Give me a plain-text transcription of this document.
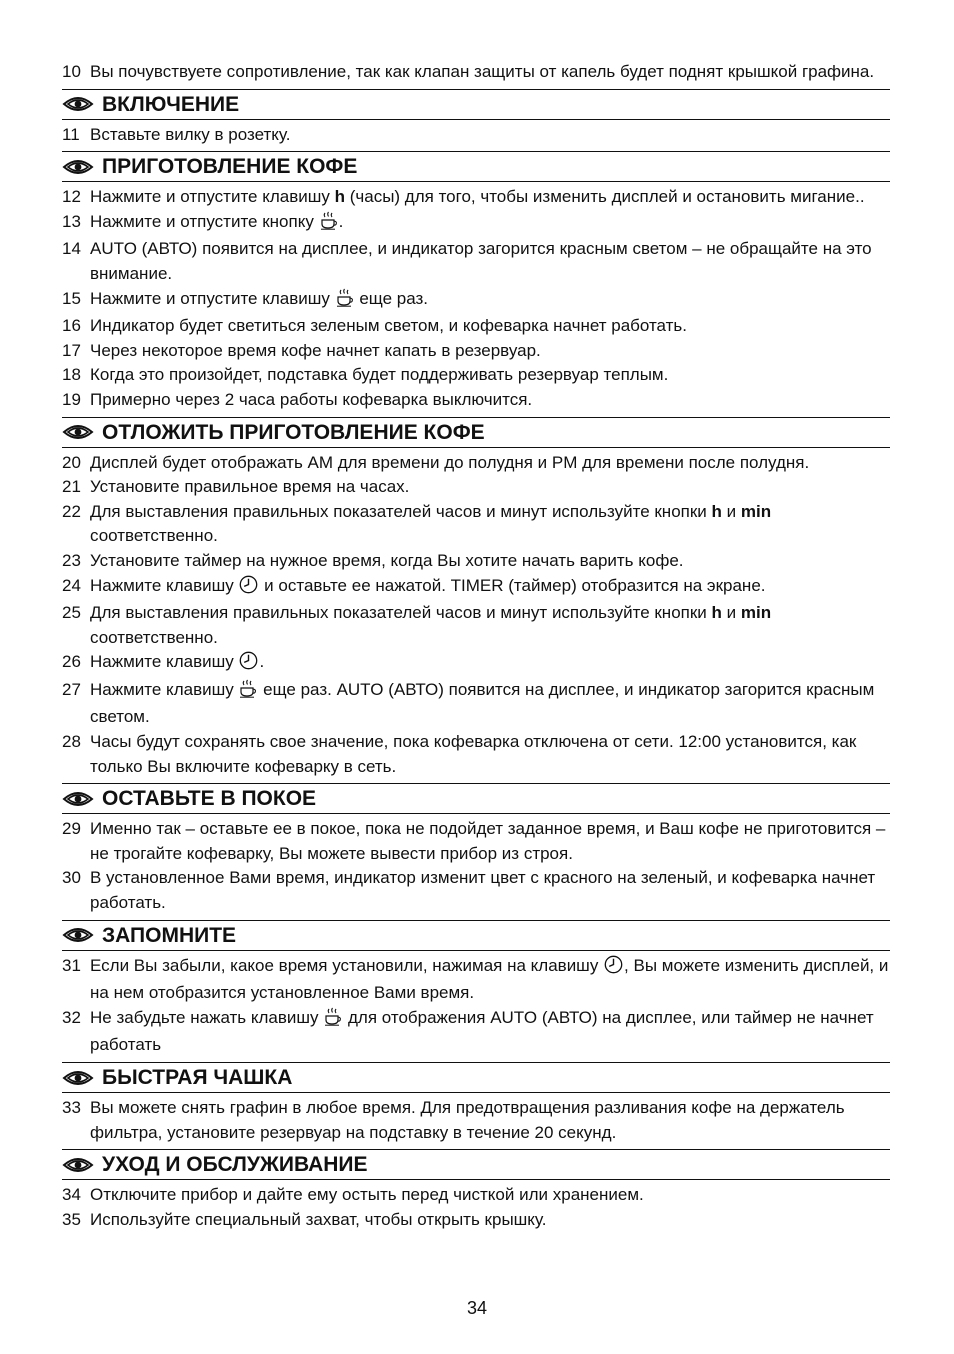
10 Вы почувствуете сопротивление, так как клапан защиты от капель будет поднят крышкой графина.
ВКЛЮЧЕНИЕ
11 Вставьте вилку в розетку.
ПРИГОТОВЛЕНИЕ КОФЕ
12 Нажмите и отпустите клавишу h (часы) для того, чтобы изменить дисплей и остановить мигание..
13 Нажмите и отпустите кнопку .
14 AUTO (АВТО) появится на дисплее, и индикатор загорится красным светом – не обращайте на это внимание.
15 Нажмите и отпустите клавишу  еще раз.
16 Индикатор будет светиться зеленым светом, и кофеварка начнет работать.
17 Через некоторое время кофе начнет капать в резервуар.
18 Когда это произойдет, подставка будет поддерживать резервуар теплым.
19 Примерно через 2 часа работы кофеварка выключится.
ОТЛОЖИТЬ ПРИГОТОВЛЕНИЕ КОФЕ
20 Дисплей будет отображать AM для времени до полудня и PM для времени после полудня.
21 Установите правильное время на часах.
22 Для выставления правильных показателей часов и минут используйте кнопки h и min соответственно.
23 Установите таймер на нужное время, когда Вы хотите начать варить кофе.
24 Нажмите клавишу  и оставьте ее нажатой. TIMER (таймер) отобразится на экране.
25 Для выставления правильных показателей часов и минут используйте кнопки h и min соответственно.
26 Нажмите клавишу .
27 Нажмите клавишу  еще раз. AUTO (АВТО) появится на дисплее, и индикатор загорится красным светом.
28 Часы будут сохранять свое значение, пока кофеварка отключена от сети. 12:00 установится, как только Вы включите кофеварку в сеть.
ОСТАВЬТЕ В ПОКОЕ
29 Именно так – оставьте ее в покое, пока не подойдет заданное время, и Ваш кофе не приготовится – не трогайте кофеварку, Вы можете вывести прибор из строя.
30 В установленное Вами время, индикатор изменит цвет с красного на зеленый, и кофеварка начнет работать.
ЗАПОМНИТЕ
31 Если Вы забыли, какое время установили, нажимая на клавишу , Вы можете изменить дисплей, и на нем отобразится установленное Вами время.
32 Не забудьте нажать клавишу  для отображения AUTO (АВТО) на дисплее, или таймер не начнет работать
БЫСТРАЯ ЧАШКА
33 Вы можете снять графин в любое время. Для предотвращения разливания кофе на держатель фильтра, установите резервуар на подставку в течение 20 секунд.
УХОД И ОБСЛУЖИВАНИЕ
34 Отключите прибор и дайте ему остыть перед чисткой или хранением.
35 Используйте специальный захват, чтобы открыть крышку.
34
